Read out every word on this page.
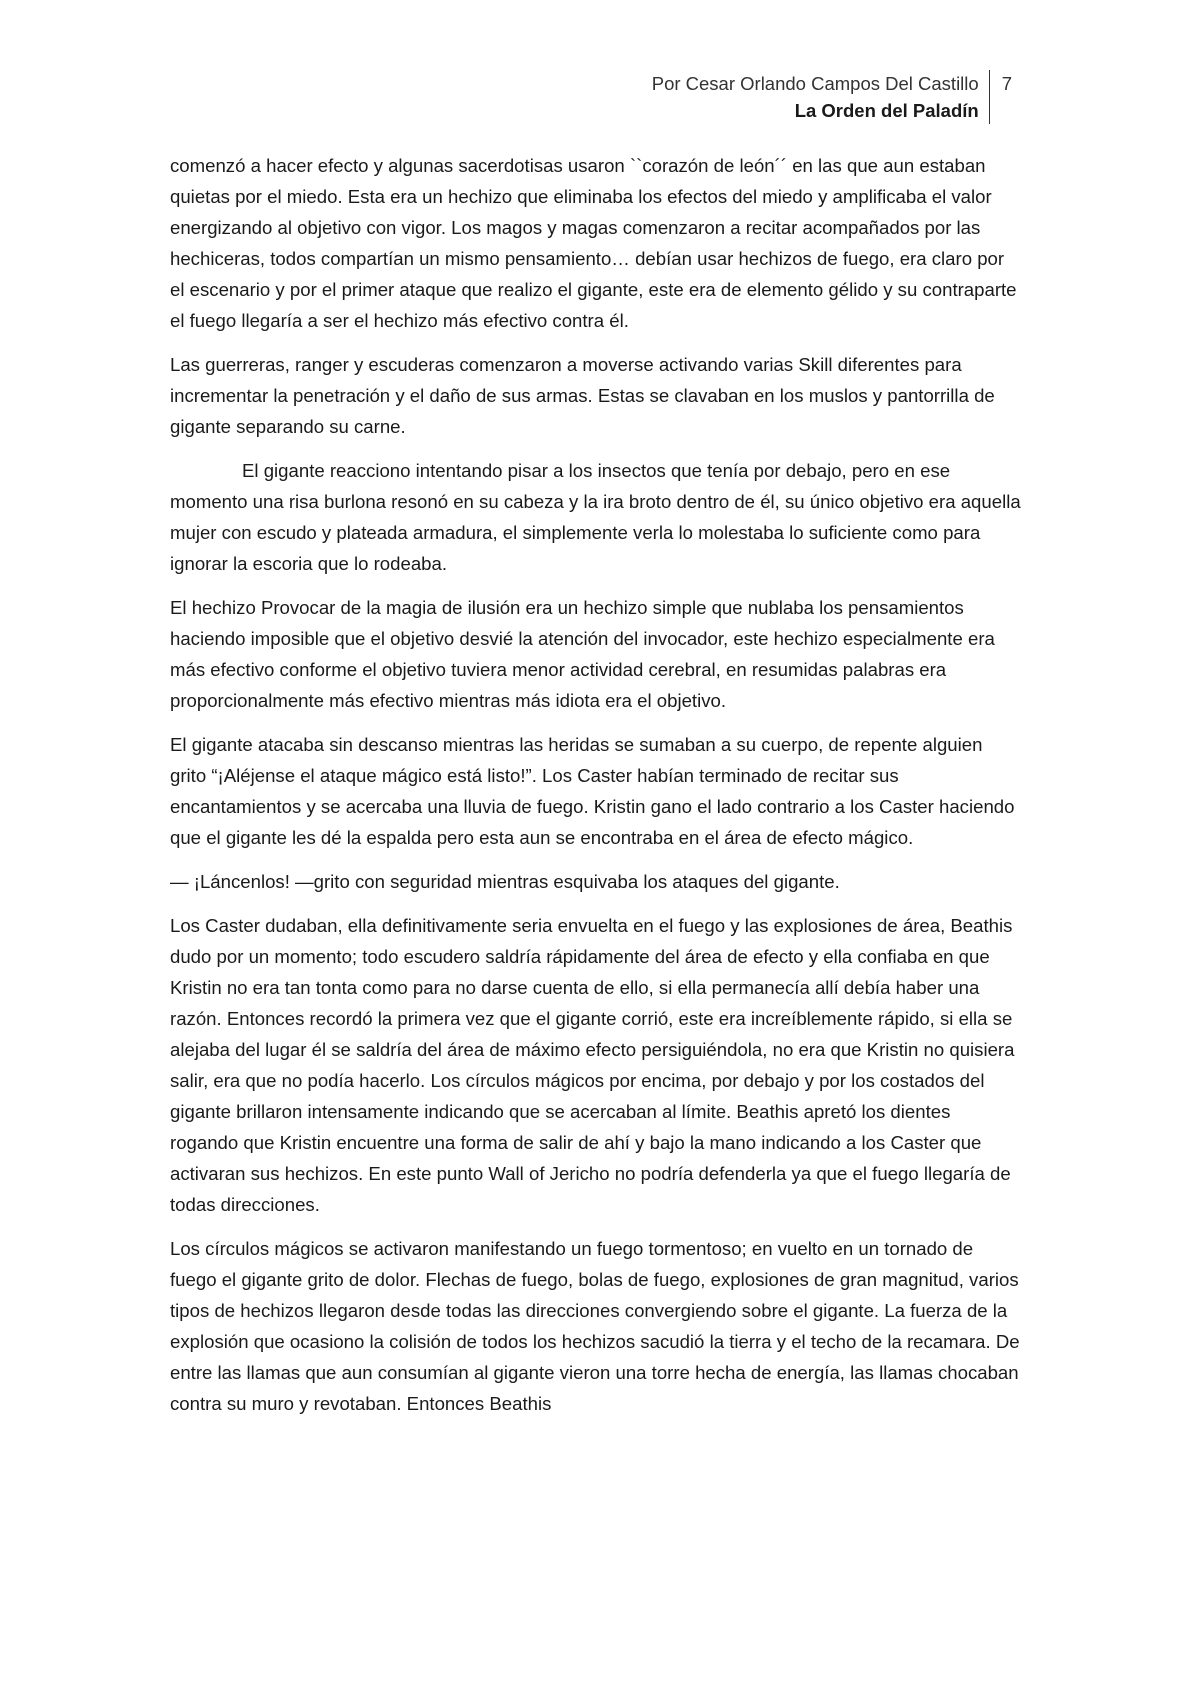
Por Cesar Orlando Campos Del Castillo
La Orden del Paladín
7

comenzó a hacer efecto y algunas sacerdotisas usaron ``corazón de león´´ en las que aun estaban quietas por el miedo. Esta era un hechizo que eliminaba los efectos del miedo y amplificaba el valor energizando al objetivo con vigor. Los magos y magas comenzaron a recitar acompañados por las hechiceras, todos compartían un mismo pensamiento… debían usar hechizos de fuego, era claro por el escenario y por el primer ataque que realizo el gigante, este era de elemento gélido y su contraparte el fuego llegaría a ser el hechizo más efectivo contra él.

Las guerreras, ranger y escuderas comenzaron a moverse activando varias Skill diferentes para incrementar la penetración y el daño de sus armas. Estas se clavaban en los muslos y pantorrilla de gigante separando su carne.

El gigante reacciono intentando pisar a los insectos que tenía por debajo, pero en ese momento una risa burlona resonó en su cabeza y la ira broto dentro de él, su único objetivo era aquella mujer con escudo y plateada armadura, el simplemente verla lo molestaba lo suficiente como para ignorar la escoria que lo rodeaba.

El hechizo Provocar de la magia de ilusión era un hechizo simple que nublaba los pensamientos haciendo imposible que el objetivo desvié la atención del invocador, este hechizo especialmente era más efectivo conforme el objetivo tuviera menor actividad cerebral, en resumidas palabras era proporcionalmente más efectivo mientras más idiota era el objetivo.

El gigante atacaba sin descanso mientras las heridas se sumaban a su cuerpo, de repente alguien grito “¡Aléjense el ataque mágico está listo!”. Los Caster habían terminado de recitar sus encantamientos y se acercaba una lluvia de fuego. Kristin gano el lado contrario a los Caster haciendo que el gigante les dé la espalda pero esta aun se encontraba en el área de efecto mágico.

— ¡Láncenlos! —grito con seguridad mientras esquivaba los ataques del gigante.

Los Caster dudaban, ella definitivamente seria envuelta en el fuego y las explosiones de área, Beathis dudo por un momento; todo escudero saldría rápidamente del área de efecto y ella confiaba en que Kristin no era tan tonta como para no darse cuenta de ello, si ella permanecía allí debía haber una razón. Entonces recordó la primera vez que el gigante corrió, este era increíblemente rápido, si ella se alejaba del lugar él se saldría del área de máximo efecto persiguiéndola, no era que Kristin no quisiera salir, era que no podía hacerlo. Los círculos mágicos por encima, por debajo y por los costados del gigante brillaron intensamente indicando que se acercaban al límite. Beathis apretó los dientes rogando que Kristin encuentre una forma de salir de ahí y bajo la mano indicando a los Caster que activaran sus hechizos. En este punto Wall of Jericho no podría defenderla ya que el fuego llegaría de todas direcciones.

Los círculos mágicos se activaron manifestando un fuego tormentoso; en vuelto en un tornado de fuego el gigante grito de dolor. Flechas de fuego, bolas de fuego, explosiones de gran magnitud, varios tipos de hechizos llegaron desde todas las direcciones convergiendo sobre el gigante. La fuerza de la explosión que ocasiono la colisión de todos los hechizos sacudió la tierra y el techo de la recamara. De entre las llamas que aun consumían al gigante vieron una torre hecha de energía, las llamas chocaban contra su muro y revotaban. Entonces Beathis
